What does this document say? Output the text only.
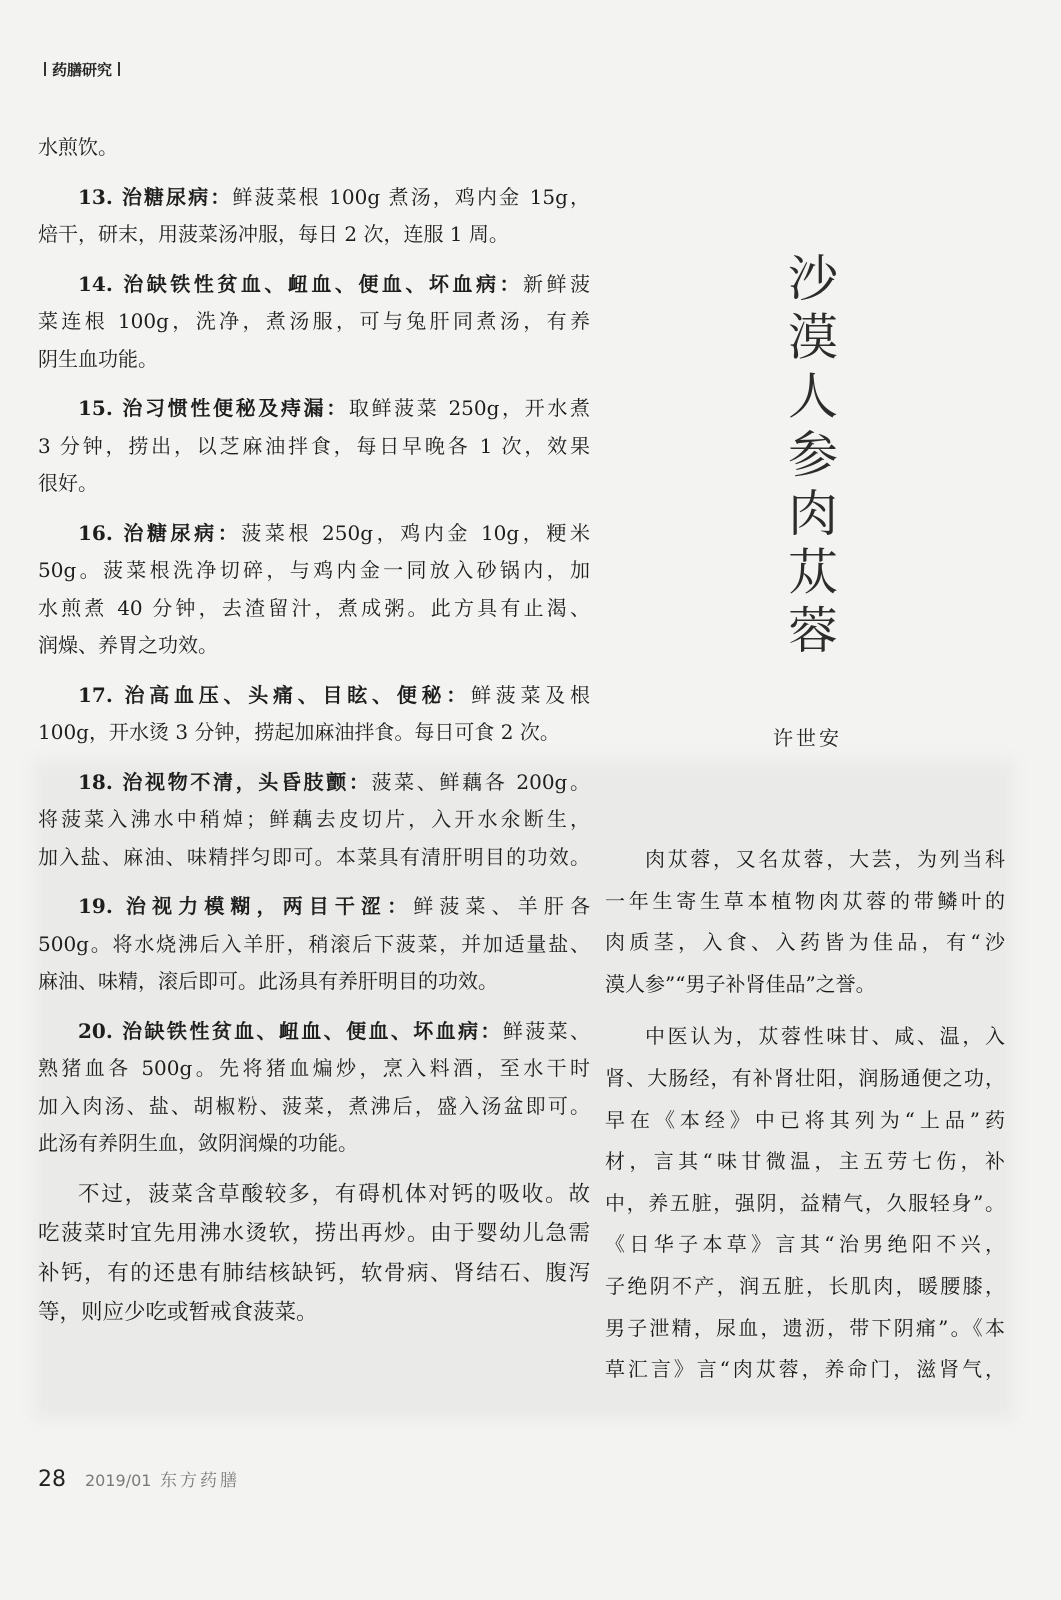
药膳研究

水煎饮。

13. 治糖尿病：鲜菠菜根 100g 煮汤，鸡内金 15g，
焙干，研末，用菠菜汤冲服，每日 2 次，连服 1 周。

14. 治缺铁性贫血、衄血、便血、坏血病：新鲜菠
菜连根 100g，洗净，煮汤服，可与兔肝同煮汤，有养
阴生血功能。

15. 治习惯性便秘及痔漏：取鲜菠菜 250g，开水煮
3 分钟，捞出，以芝麻油拌食，每日早晚各 1 次，效果
很好。

16. 治糖尿病：菠菜根 250g，鸡内金 10g，粳米
50g。菠菜根洗净切碎，与鸡内金一同放入砂锅内，加
水煎煮 40 分钟，去渣留汁，煮成粥。此方具有止渴、
润燥、养胃之功效。

17. 治高血压、头痛、目眩、便秘：鲜菠菜及根
100g，开水烫 3 分钟，捞起加麻油拌食。每日可食 2 次。

18. 治视物不清，头昏肢颤：菠菜、鲜藕各 200g。
将菠菜入沸水中稍焯；鲜藕去皮切片，入开水氽断生，
加入盐、麻油、味精拌匀即可。本菜具有清肝明目的功效。

19. 治视力模糊，两目干涩：鲜菠菜、羊肝各
500g。将水烧沸后入羊肝，稍滚后下菠菜，并加适量盐、
麻油、味精，滚后即可。此汤具有养肝明目的功效。

20. 治缺铁性贫血、衄血、便血、坏血病：鲜菠菜、
熟猪血各 500g。先将猪血煸炒，烹入料酒，至水干时
加入肉汤、盐、胡椒粉、菠菜，煮沸后，盛入汤盆即可。
此汤有养阴生血，敛阴润燥的功能。

不过，菠菜含草酸较多，有碍机体对钙的吸收。故
吃菠菜时宜先用沸水烫软，捞出再炒。由于婴幼儿急需
补钙，有的还患有肺结核缺钙，软骨病、肾结石、腹泻
等，则应少吃或暂戒食菠菜。

沙漠人参肉苁蓉
许世安

肉苁蓉，又名苁蓉，大芸，为列当科
一年生寄生草本植物肉苁蓉的带鳞叶的
肉质茎，入食、入药皆为佳品，有“沙
漠人参”“男子补肾佳品”之誉。

中医认为，苁蓉性味甘、咸、温，入
肾、大肠经，有补肾壮阳，润肠通便之功，
早在《本经》中已将其列为“上品”药
材，言其“味甘微温，主五劳七伤，补
中，养五脏，强阴，益精气，久服轻身”。
《日华子本草》言其“治男绝阳不兴，
子绝阴不产，润五脏，长肌肉，暖腰膝，
男子泄精，尿血，遗沥，带下阴痛”。《本
草汇言》言“肉苁蓉，养命门，滋肾气，

28 2019/01 东方药膳
